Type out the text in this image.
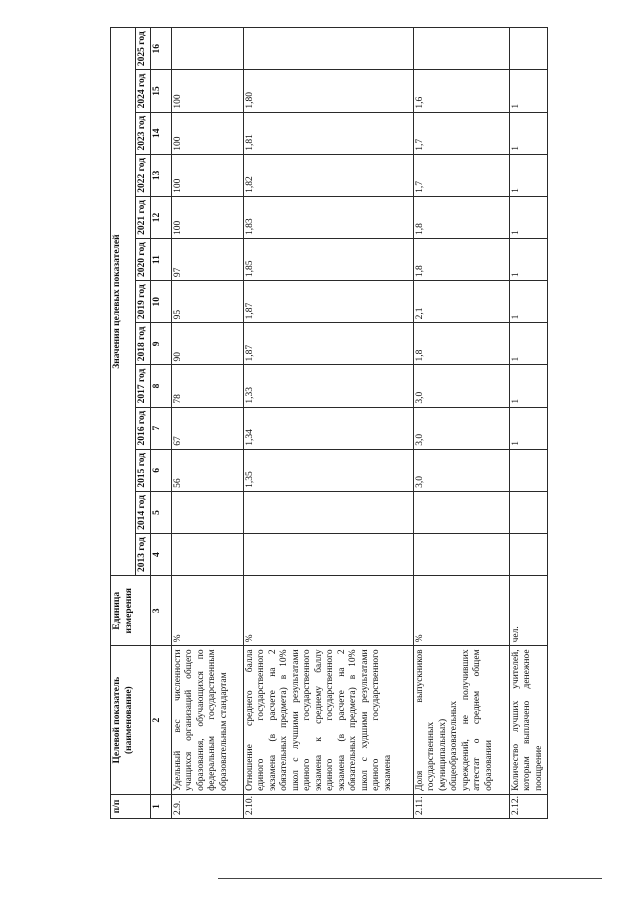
п/п	Целевой показатель (наименование)	Единица измерения	Значения целевых показателей												
			2013 год	2014 год	2015 год	2016 год	2017 год	2018 год	2019 год	2020 год	2021 год	2022 год	2023 год	2024 год	2025 год
1	2	3	4	5	6	7	8	9	10	11	12	13	14	15	16
2.9.	Удельный вес численности учащихся организаций общего образования, обучающихся по федеральным государственным образовательным стандартам	%			56	67	78	90	95	97	100	100	100	100	
2.10.	Отношение среднего балла единого государственного экзамена (в расчете на 2 обязательных предмета) в 10% школ с лучшими результатами единого государственного экзамена к среднему баллу единого государственного экзамена (в расчете на 2 обязательных предмета) в 10% школ с худшими результатами единого государственного экзамена	%			1,35	1,34	1,33	1,87	1,87	1,85	1,83	1,82	1,81	1,80	
2.11.	Доля выпускников государственных (муниципальных) общеобразовательных учреждений, не получивших аттестат о среднем общем образовании	%			3,0	3,0	3,0	1,8	2,1	1,8	1,8	1,7	1,7	1,6	
2.12.	Количество лучших учителей, которым выплачено денежное поощрение	чел.				1	1	1	1	1	1	1	1	1	
